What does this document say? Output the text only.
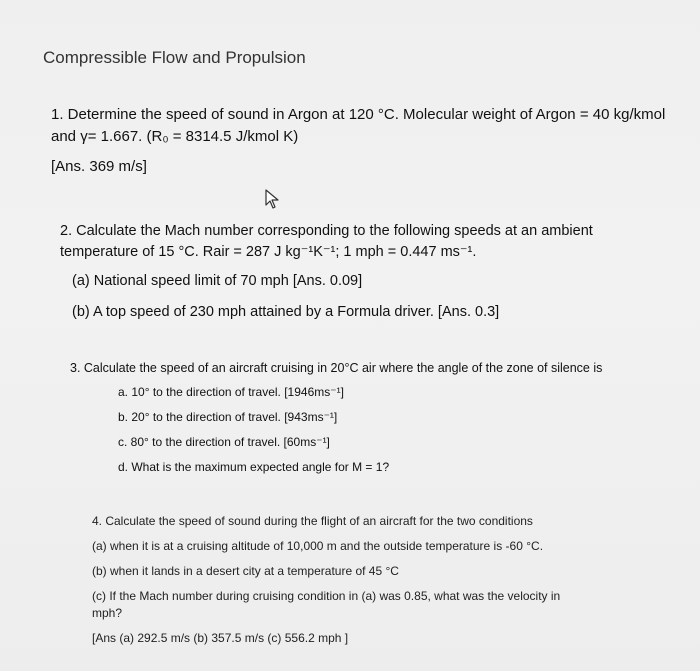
Compressible Flow and Propulsion
1. Determine the speed of sound in Argon at 120 °C. Molecular weight of Argon = 40 kg/kmol
and γ= 1.667. (R₀ = 8314.5 J/kmol K)
[Ans. 369 m/s]
2. Calculate the Mach number corresponding to the following speeds at an ambient
temperature of 15 °C. Rair = 287 J kg⁻¹K⁻¹; 1 mph = 0.447 ms⁻¹.
(a) National speed limit of 70 mph [Ans. 0.09]
(b) A top speed of 230 mph attained by a Formula driver. [Ans. 0.3]
3. Calculate the speed of an aircraft cruising in 20°C air where the angle of the zone of silence is
a. 10° to the direction of travel. [1946ms⁻¹]
b. 20° to the direction of travel. [943ms⁻¹]
c. 80° to the direction of travel. [60ms⁻¹]
d. What is the maximum expected angle for M = 1?
4. Calculate the speed of sound during the flight of an aircraft for the two conditions
(a) when it is at a cruising altitude of 10,000 m and the outside temperature is -60 °C.
(b) when it lands in a desert city at a temperature of 45 °C
(c) If the Mach number during cruising condition in (a) was 0.85, what was the velocity in
mph?
[Ans (a) 292.5 m/s (b) 357.5 m/s (c) 556.2 mph ]
